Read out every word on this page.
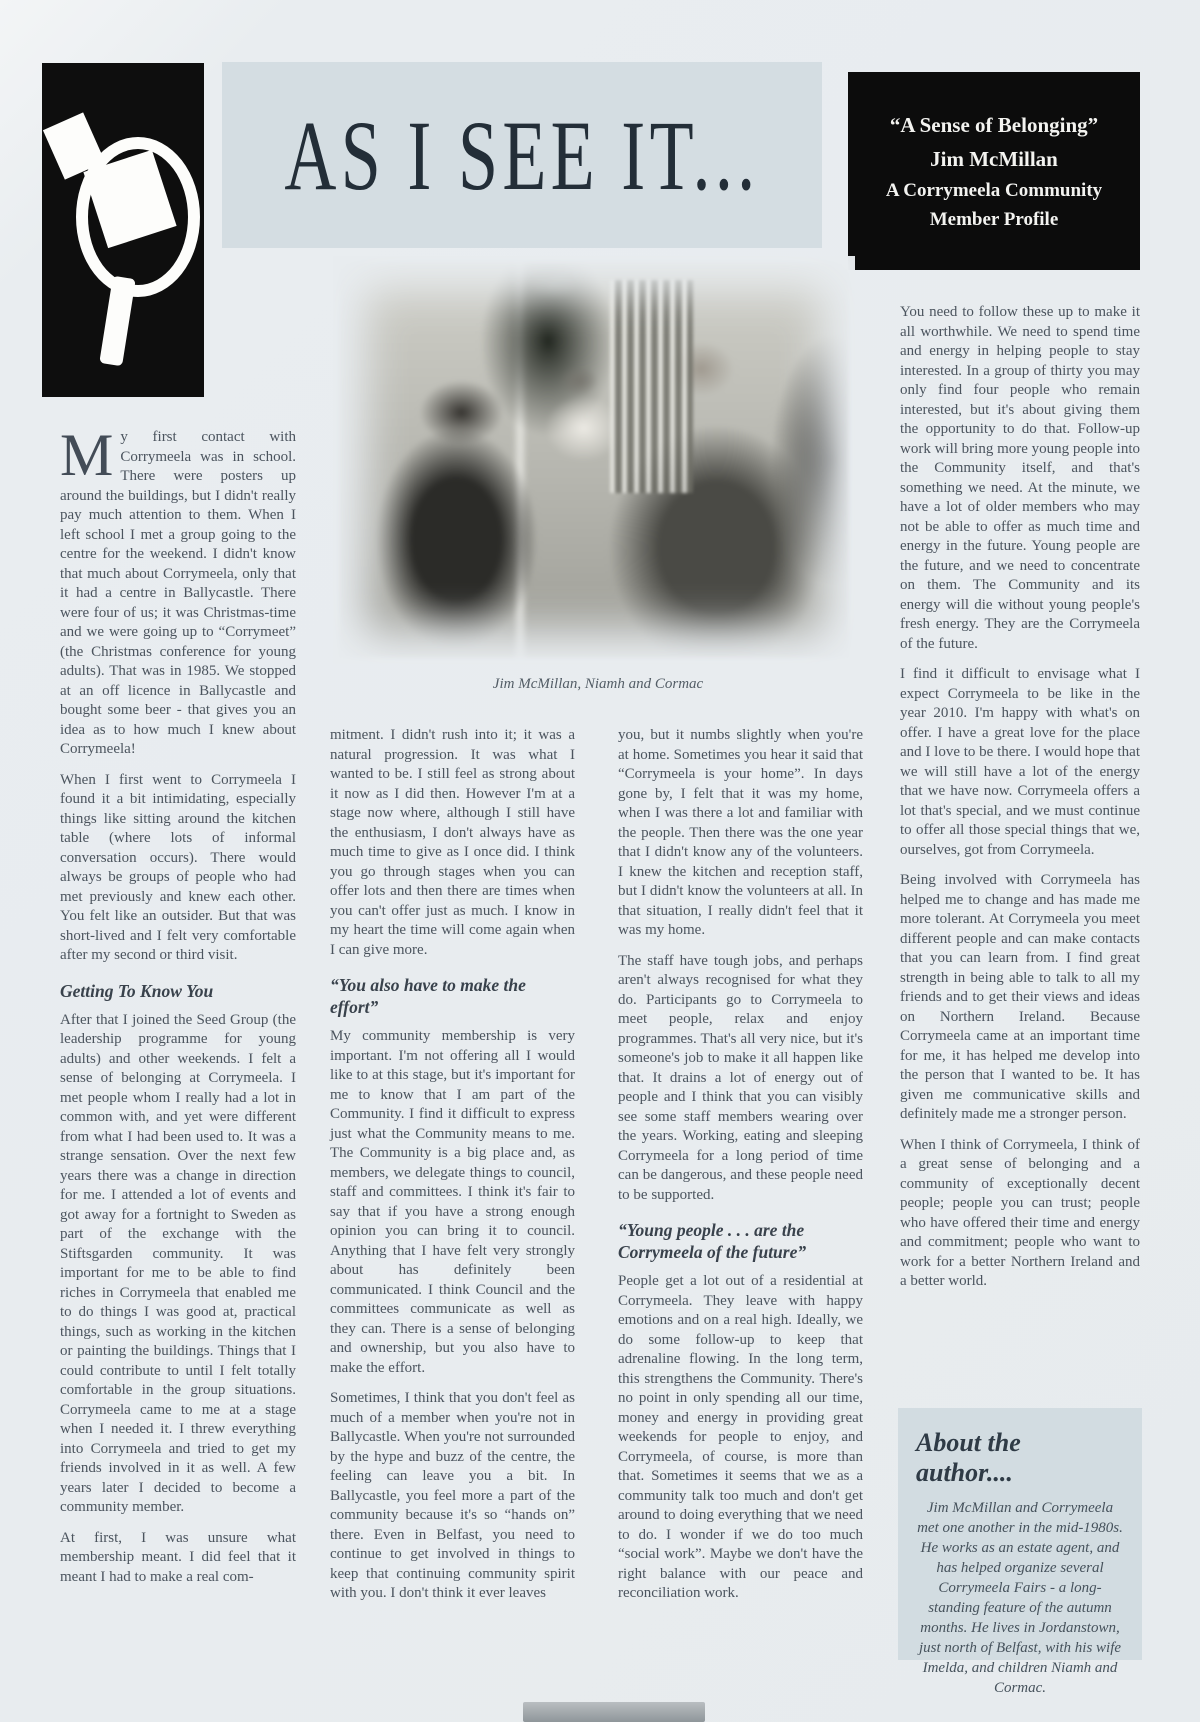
AS I SEE IT...	“A Sense of Belonging”
Jim McMillan
A Corrymeela Community
Member Profile
Jim McMillan, Niamh and Cormac

My first contact with Corrymeela was in school. There were posters up around the buildings, but I didn't really pay much attention to them. When I left school I met a group going to the centre for the weekend. I didn't know that much about Corrymeela, only that it had a centre in Ballycastle. There were four of us; it was Christmas-time and we were going up to “Corrymeet” (the Christmas conference for young adults). That was in 1985. We stopped at an off licence in Ballycastle and bought some beer - that gives you an idea as to how much I knew about Corrymeela!

When I first went to Corrymeela I found it a bit intimidating, especially things like sitting around the kitchen table (where lots of informal conversation occurs). There would always be groups of people who had met previously and knew each other. You felt like an outsider. But that was short-lived and I felt very comfortable after my second or third visit.

Getting To Know You

After that I joined the Seed Group (the leadership programme for young adults) and other weekends. I felt a sense of belonging at Corrymeela. I met people whom I really had a lot in common with, and yet were different from what I had been used to. It was a strange sensation. Over the next few years there was a change in direction for me. I attended a lot of events and got away for a fortnight to Sweden as part of the exchange with the Stiftsgarden community. It was important for me to be able to find riches in Corrymeela that enabled me to do things I was good at, practical things, such as working in the kitchen or painting the buildings. Things that I could contribute to until I felt totally comfortable in the group situations. Corrymeela came to me at a stage when I needed it. I threw everything into Corrymeela and tried to get my friends involved in it as well. A few years later I decided to become a community member.

At first, I was unsure what membership meant. I did feel that it meant I had to make a real com-

mitment. I didn't rush into it; it was a natural progression. It was what I wanted to be. I still feel as strong about it now as I did then. However I'm at a stage now where, although I still have the enthusiasm, I don't always have as much time to give as I once did. I think you go through stages when you can offer lots and then there are times when you can't offer just as much. I know in my heart the time will come again when I can give more.

“You also have to make the effort”

My community membership is very important. I'm not offering all I would like to at this stage, but it's important for me to know that I am part of the Community. I find it difficult to express just what the Community means to me. The Community is a big place and, as members, we delegate things to council, staff and committees. I think it's fair to say that if you have a strong enough opinion you can bring it to council. Anything that I have felt very strongly about has definitely been communicated. I think Council and the committees communicate as well as they can. There is a sense of belonging and ownership, but you also have to make the effort.

Sometimes, I think that you don't feel as much of a member when you're not in Ballycastle. When you're not surrounded by the hype and buzz of the centre, the feeling can leave you a bit. In Ballycastle, you feel more a part of the community because it's so “hands on” there. Even in Belfast, you need to continue to get involved in things to keep that continuing community spirit with you. I don't think it ever leaves

you, but it numbs slightly when you're at home. Sometimes you hear it said that “Corrymeela is your home”. In days gone by, I felt that it was my home, when I was there a lot and familiar with the people. Then there was the one year that I didn't know any of the volunteers. I knew the kitchen and reception staff, but I didn't know the volunteers at all. In that situation, I really didn't feel that it was my home.

The staff have tough jobs, and perhaps aren't always recognised for what they do. Participants go to Corrymeela to meet people, relax and enjoy programmes. That's all very nice, but it's someone's job to make it all happen like that. It drains a lot of energy out of people and I think that you can visibly see some staff members wearing over the years. Working, eating and sleeping Corrymeela for a long period of time can be dangerous, and these people need to be supported.

“Young people . . . are the Corrymeela of the future”

People get a lot out of a residential at Corrymeela. They leave with happy emotions and on a real high. Ideally, we do some follow-up to keep that adrenaline flowing. In the long term, this strengthens the Community. There's no point in only spending all our time, money and energy in providing great weekends for people to enjoy, and Corrymeela, of course, is more than that. Sometimes it seems that we as a community talk too much and don't get around to doing everything that we need to do. I wonder if we do too much “social work”. Maybe we don't have the right balance with our peace and reconciliation work.

You need to follow these up to make it all worthwhile. We need to spend time and energy in helping people to stay interested. In a group of thirty you may only find four people who remain interested, but it's about giving them the opportunity to do that. Follow-up work will bring more young people into the Community itself, and that's something we need. At the minute, we have a lot of older members who may not be able to offer as much time and energy in the future. Young people are the future, and we need to concentrate on them. The Community and its energy will die without young people's fresh energy. They are the Corrymeela of the future.

I find it difficult to envisage what I expect Corrymeela to be like in the year 2010. I'm happy with what's on offer. I have a great love for the place and I love to be there. I would hope that we will still have a lot of the energy that we have now. Corrymeela offers a lot that's special, and we must continue to offer all those special things that we, ourselves, got from Corrymeela.

Being involved with Corrymeela has helped me to change and has made me more tolerant. At Corrymeela you meet different people and can make contacts that you can learn from. I find great strength in being able to talk to all my friends and to get their views and ideas on Northern Ireland. Because Corrymeela came at an important time for me, it has helped me develop into the person that I wanted to be. It has given me communicative skills and definitely made me a stronger person.

When I think of Corrymeela, I think of a great sense of belonging and a community of exceptionally decent people; people you can trust; people who have offered their time and energy and commitment; people who want to work for a better Northern Ireland and a better world.

About the author....
Jim McMillan and Corrymeela met one another in the mid-1980s. He works as an estate agent, and has helped organize several Corrymeela Fairs - a long-standing feature of the autumn months. He lives in Jordanstown, just north of Belfast, with his wife Imelda, and children Niamh and Cormac.
